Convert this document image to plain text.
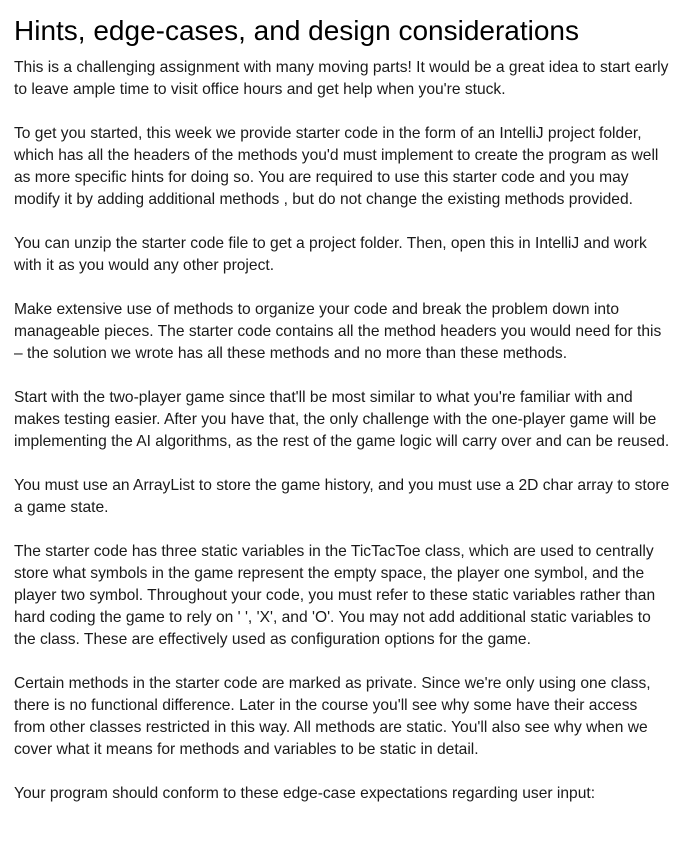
Hints, edge-cases, and design considerations

This is a challenging assignment with many moving parts! It would be a great idea to start early to leave ample time to visit office hours and get help when you're stuck.

To get you started, this week we provide starter code in the form of an IntelliJ project folder, which has all the headers of the methods you'd must implement to create the program as well as more specific hints for doing so. You are required to use this starter code and you may modify it by adding additional methods , but do not change the existing methods provided.

You can unzip the starter code file to get a project folder. Then, open this in IntelliJ and work with it as you would any other project.

Make extensive use of methods to organize your code and break the problem down into manageable pieces. The starter code contains all the method headers you would need for this – the solution we wrote has all these methods and no more than these methods.

Start with the two-player game since that'll be most similar to what you're familiar with and makes testing easier. After you have that, the only challenge with the one-player game will be implementing the AI algorithms, as the rest of the game logic will carry over and can be reused.

You must use an ArrayList to store the game history, and you must use a 2D char array to store a game state.

The starter code has three static variables in the TicTacToe class, which are used to centrally store what symbols in the game represent the empty space, the player one symbol, and the player two symbol. Throughout your code, you must refer to these static variables rather than hard coding the game to rely on ' ', 'X', and 'O'. You may not add additional static variables to the class. These are effectively used as configuration options for the game.

Certain methods in the starter code are marked as private. Since we're only using one class, there is no functional difference. Later in the course you'll see why some have their access from other classes restricted in this way. All methods are static. You'll also see why when we cover what it means for methods and variables to be static in detail.

Your program should conform to these edge-case expectations regarding user input:
